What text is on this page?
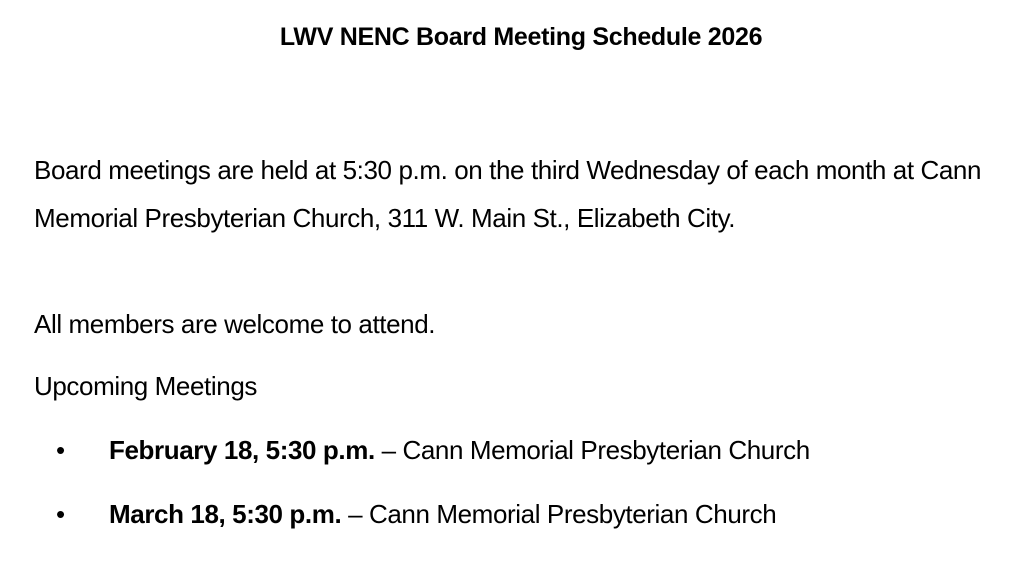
LWV NENC Board Meeting Schedule 2026
Board meetings are held at 5:30 p.m. on the third Wednesday of each month at Cann Memorial Presbyterian Church, 311 W. Main St., Elizabeth City.
All members are welcome to attend.
Upcoming Meetings
• February 18, 5:30 p.m. – Cann Memorial Presbyterian Church
• March 18, 5:30 p.m. – Cann Memorial Presbyterian Church
